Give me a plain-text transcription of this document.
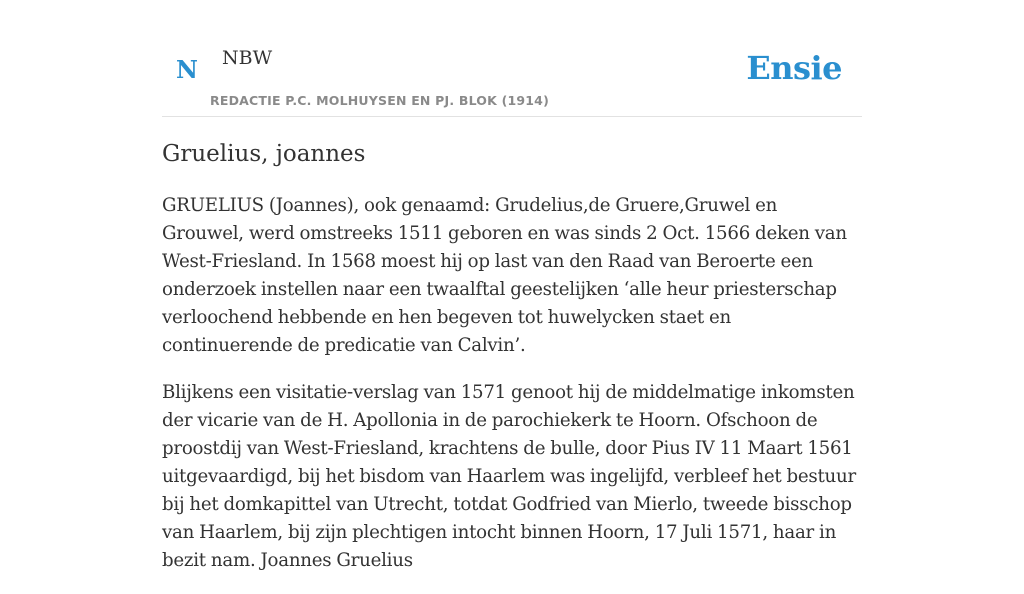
N NBW
REDACTIE P.C. MOLHUYSEN EN PJ. BLOK (1914)
Ensie
Gruelius, joannes

GRUELIUS (Joannes), ook genaamd: Grudelius,de Gruere,Gruwel en Grouwel, werd omstreeks 1511 geboren en was sinds 2 Oct. 1566 deken van West-Friesland. In 1568 moest hij op last van den Raad van Beroerte een onderzoek instellen naar een twaalftal geestelijken ‘alle heur priesterschap verloochend hebbende en hen begeven tot huwelycken staet en continuerende de predicatie van Calvin’.

Blijkens een visitatie-verslag van 1571 genoot hij de middelmatige inkomsten der vicarie van de H. Apollonia in de parochiekerk te Hoorn. Ofschoon de proostdij van West-Friesland, krachtens de bulle, door Pius IV 11 Maart 1561 uitgevaardigd, bij het bisdom van Haarlem was ingelijfd, verbleef het bestuur bij het domkapittel van Utrecht, totdat Godfried van Mierlo, tweede bisschop van Haarlem, bij zijn plechtigen intocht binnen Hoorn, 17 Juli 1571, haar in bezit nam. Joannes Gruelius
